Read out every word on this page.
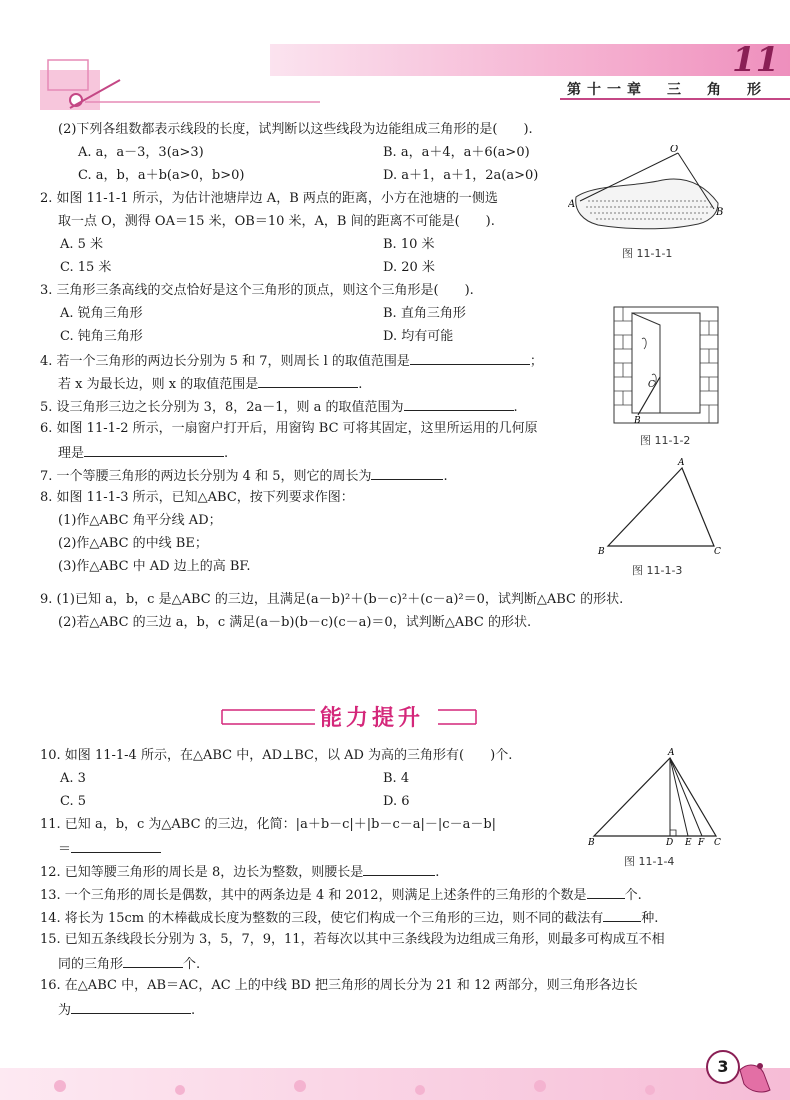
第十一章　三　角　形
11
(2)下列各组数都表示线段的长度，试判断以这些线段为边能组成三角形的是(　　).
A. a，a－3，3(a>3)	B. a，a＋4，a＋6(a>0)
C. a，b，a＋b(a>0，b>0)	D. a＋1，a＋1，2a(a>0)
2. 如图 11-1-1 所示，为估计池塘岸边 A，B 两点的距离，小方在池塘的一侧选
取一点 O，测得 OA＝15 米，OB＝10 米，A，B 间的距离不可能是(　　).
A. 5 米	B. 10 米
C. 15 米	D. 20 米
O
A
B
图 11-1-1
3. 三角形三条高线的交点恰好是这个三角形的顶点，则这个三角形是(　　).
A. 锐角三角形	B. 直角三角形
C. 钝角三角形	D. 均有可能
C
B
图 11-1-2
4. 若一个三角形的两边长分别为 5 和 7，则周长 l 的取值范围是	；
若 x 为最长边，则 x 的取值范围是	.
5. 设三角形三边之长分别为 3，8，2a－1，则 a 的取值范围为	.
6. 如图 11-1-2 所示，一扇窗户打开后，用窗钩 BC 可将其固定，这里所运用的几何原
理是	.
7. 一个等腰三角形的两边长分别为 4 和 5，则它的周长为	.
8. 如图 11-1-3 所示，已知△ABC，按下列要求作图：
(1)作△ABC 角平分线 AD；
(2)作△ABC 的中线 BE；
(3)作△ABC 中 AD 边上的高 BF.
A
B	C
图 11-1-3
9. (1)已知 a，b，c 是△ABC 的三边，且满足(a－b)²＋(b－c)²＋(c－a)²＝0，试判断△ABC 的形状.
(2)若△ABC 的三边 a，b，c 满足(a－b)(b－c)(c－a)＝0，试判断△ABC 的形状.
能力提升
10. 如图 11-1-4 所示，在△ABC 中，AD⊥BC，以 AD 为高的三角形有(　　)个.
A. 3	B. 4
C. 5	D. 6
A
B	D E F C
图 11-1-4
11. 已知 a，b，c 为△ABC 的三边，化简：|a＋b－c|＋|b－c－a|－|c－a－b|
＝
12. 已知等腰三角形的周长是 8，边长为整数，则腰长是	.
13. 一个三角形的周长是偶数，其中的两条边是 4 和 2012，则满足上述条件的三角形的个数是	个.
14. 将长为 15cm 的木棒截成长度为整数的三段，使它们构成一个三角形的三边，则不同的截法有	种.
15. 已知五条线段长分别为 3，5，7，9，11，若每次以其中三条线段为边组成三角形，则最多可构成互不相
同的三角形	个.
16. 在△ABC 中，AB＝AC，AC 上的中线 BD 把三角形的周长分为 21 和 12 两部分，则三角形各边长
为	.
3
